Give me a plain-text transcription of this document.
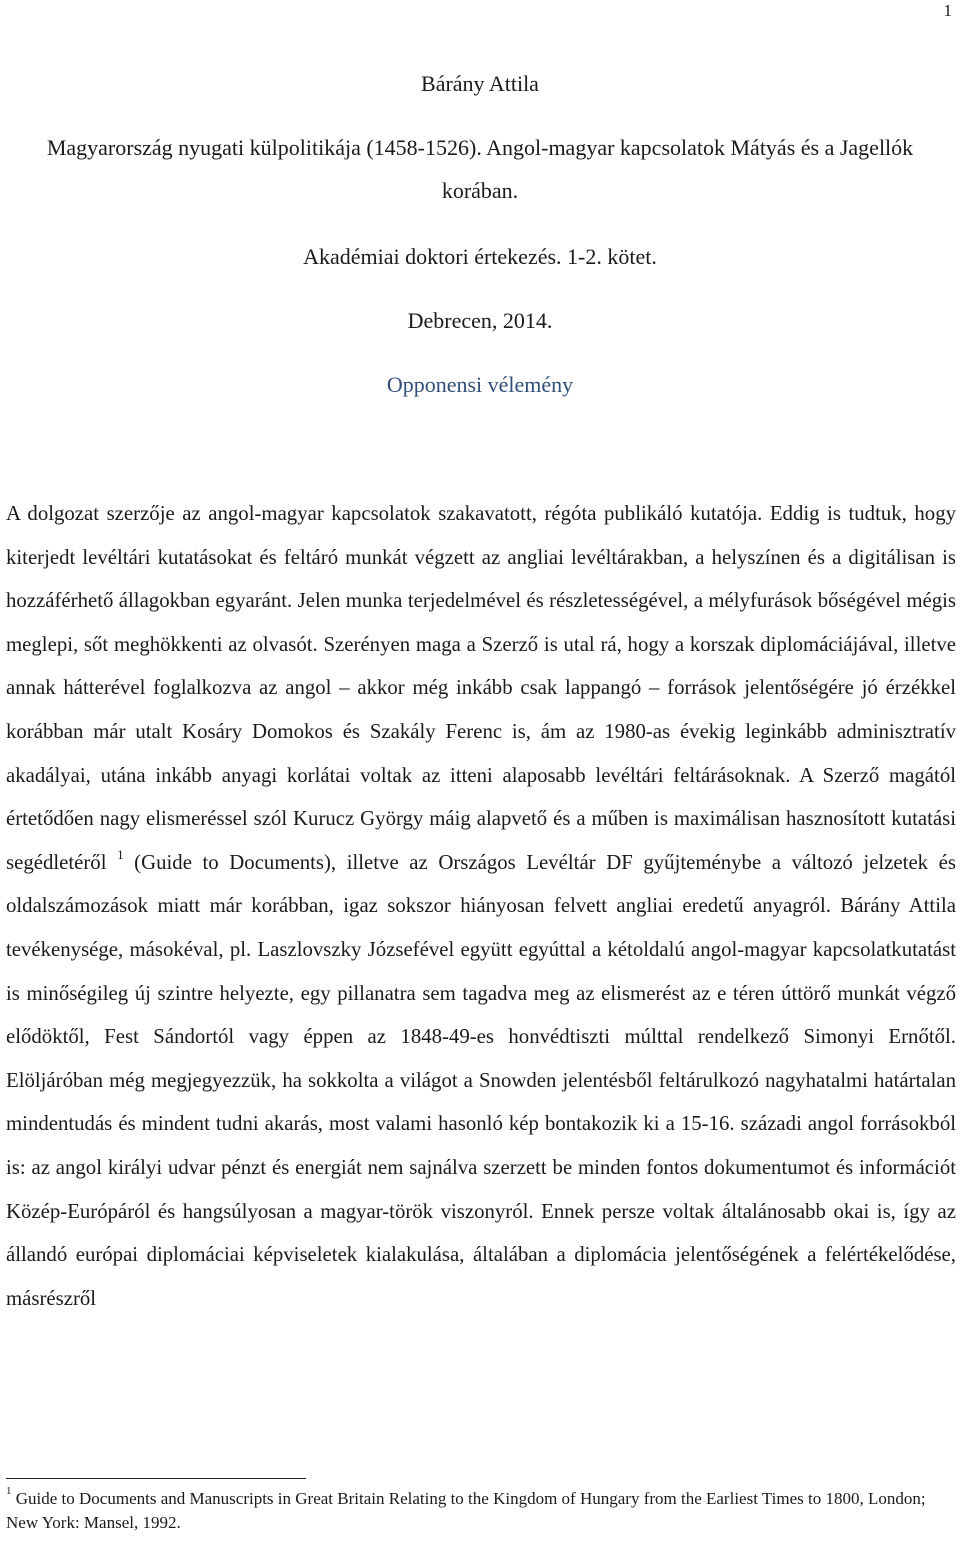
1
Bárány Attila
Magyarország nyugati külpolitikája (1458-1526). Angol-magyar kapcsolatok Mátyás és a Jagellók korában.
Akadémiai doktori értekezés. 1-2. kötet.
Debrecen, 2014.
Opponensi vélemény

A dolgozat szerzője az angol-magyar kapcsolatok szakavatott, régóta publikáló kutatója. Eddig is tudtuk, hogy kiterjedt levéltári kutatásokat és feltáró munkát végzett az angliai levéltárakban, a helyszínen és a digitálisan is hozzáférhető állagokban egyaránt. Jelen munka terjedelmével és részletességével, a mélyfurások bőségével mégis meglepi, sőt meghökkenti az olvasót. Szerényen maga a Szerző is utal rá, hogy a korszak diplomáciájával, illetve annak hátterével foglalkozva az angol – akkor még inkább csak lappangó – források jelentőségére jó érzékkel korábban már utalt Kosáry Domokos és Szakály Ferenc is, ám az 1980-as évekig leginkább adminisztratív akadályai, utána inkább anyagi korlátai voltak az itteni alaposabb levéltári feltárásoknak. A Szerző magától értetődően nagy elismeréssel szól Kurucz György máig alapvető és a műben is maximálisan hasznosított kutatási segédletéről $^1$ (Guide to Documents), illetve az Országos Levéltár DF gyűjteménybe a változó jelzetek és oldalszámozások miatt már korábban, igaz sokszor hiányosan felvett angliai eredetű anyagról. Bárány Attila tevékenysége, másokéval, pl. Laszlovszky Józsefével együtt egyúttal a kétoldalú angol-magyar kapcsolatkutatást is minőségileg új szintre helyezte, egy pillanatra sem tagadva meg az elismerést az e téren úttörő munkát végző elődöktől, Fest Sándortól vagy éppen az 1848-49-es honvédtiszti múlttal rendelkező Simonyi Ernőtől. Elöljáróban még megjegyezzük, ha sokkolta a világot a Snowden jelentésből feltárulkozó nagyhatalmi határtalan mindentudás és mindent tudni akarás, most valami hasonló kép bontakozik ki a 15-16. századi angol forrásokból is: az angol királyi udvar pénzt és energiát nem sajnálva szerzett be minden fontos dokumentumot és információt Közép-Európáról és hangsúlyosan a magyar-török viszonyról. Ennek persze voltak általánosabb okai is, így az állandó európai diplomáciai képviseletek kialakulása, általában a diplomácia jelentőségének a felértékelődése, másrészről

$^1$ Guide to Documents and Manuscripts in Great Britain Relating to the Kingdom of Hungary from the Earliest Times to 1800, London; New York: Mansel, 1992.
